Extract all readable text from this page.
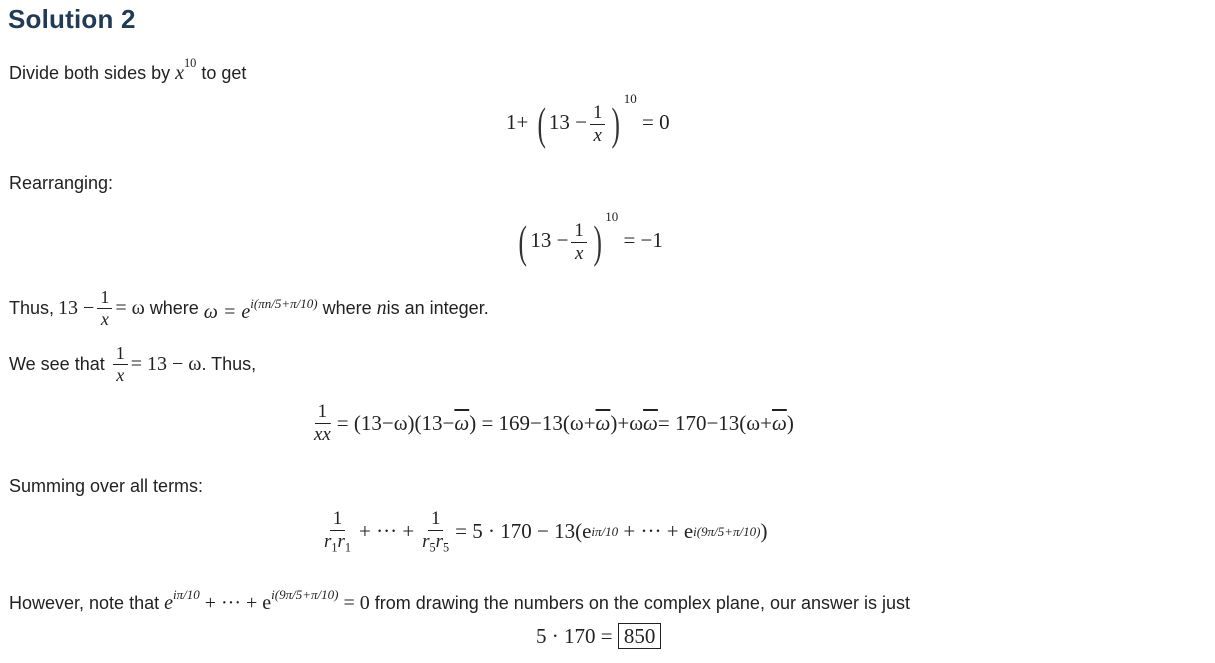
Solution 2
Divide both sides by $x^{10}$ to get
1+ ( $13 - \frac{1}{x}$ ) $^{10}$ = 0
Rearranging:
( $13 - \frac{1}{x}$ ) $^{10}$ = −1
Thus, $13 - \frac{1}{x} = \omega$ where $\omega = e^{i(\pi n/5+\pi/10)}$ where n is an integer.
We see that $\frac{1}{x} = 13 - \omega$ . Thus,
$\frac{1}{x\overline{x}} = (13-\omega)(13- \overline{\omega}$ ) = $169-13(\omega+ \overline{\omega}$ )+ω $\overline{\omega} = 170-13(\omega+ \overline{\omega}$ )
Summing over all terms:
$\frac{1}{r_1\overline{r}_1}$ + ··· + $\frac{1}{r_5\overline{r}_5} = 5 \cdot 170 - 13(e$ iπ/10 + ··· + e i(9π/5+π/10) )
However, note that $e^{i\pi/10}$ + ··· + $e^{i(9\pi/5+\pi/10)} = 0$ from drawing the numbers on the complex plane, our answer is just
5 · 170 = 850
